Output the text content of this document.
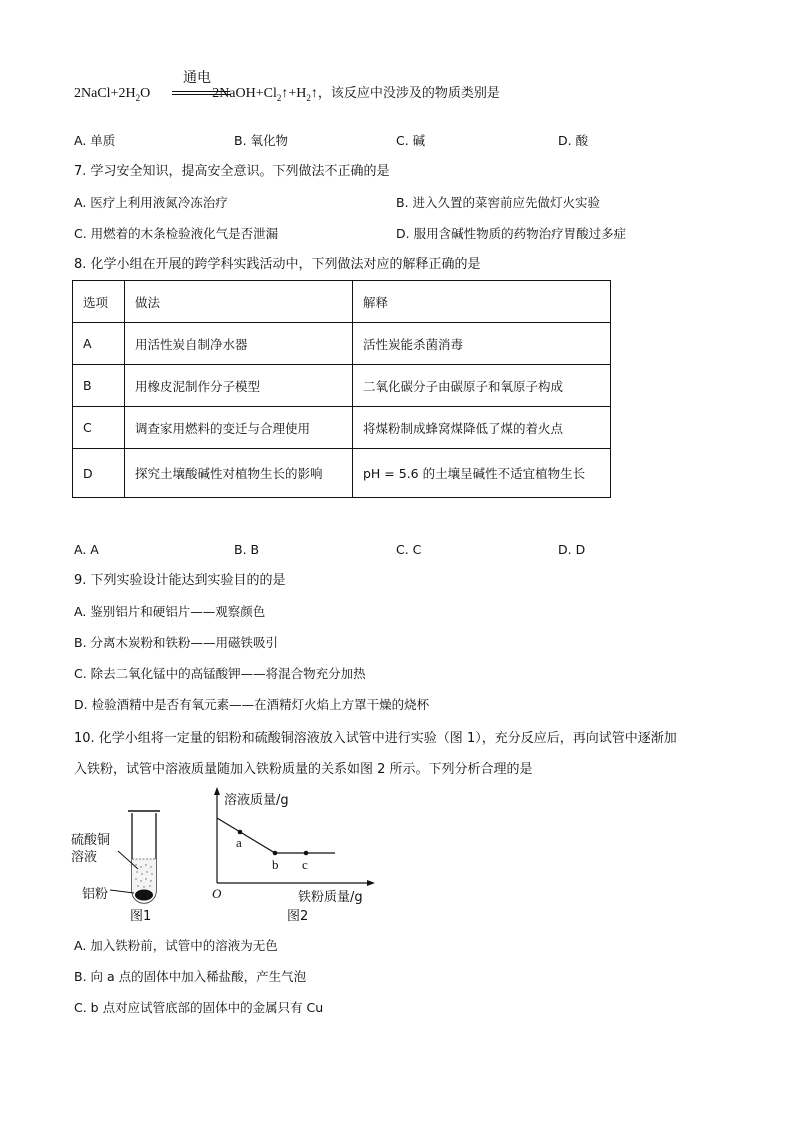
通电
$2NaCl+2H_2O$	$2NaOH+Cl_2↑+H_2↑$，该反应中没涉及的物质类别是
A. 单质	B. 氧化物	C. 碱	D. 酸
7. 学习安全知识，提高安全意识。下列做法不正确的是
A. 医疗上利用液氮冷冻治疗	B. 进入久置的菜窖前应先做灯火实验
C. 用燃着的木条检验液化气是否泄漏	D. 服用含碱性物质的药物治疗胃酸过多症
8. 化学小组在开展的跨学科实践活动中，下列做法对应的解释正确的是
选项	做法	解释
A	用活性炭自制净水器	活性炭能杀菌消毒
B	用橡皮泥制作分子模型	二氧化碳分子由碳原子和氧原子构成
C	调查家用燃料的变迁与合理使用	将煤粉制成蜂窝煤降低了煤的着火点
D	探究土壤酸碱性对植物生长的影响	pH = 5.6 的土壤呈碱性不适宜植物生长
A. A	B. B	C. C	D. D
9. 下列实验设计能达到实验目的的是
A. 鉴别铝片和硬铝片——观察颜色
B. 分离木炭粉和铁粉——用磁铁吸引
C. 除去二氧化锰中的高锰酸钾——将混合物充分加热
D. 检验酒精中是否有氧元素——在酒精灯火焰上方罩干燥的烧杯
10. 化学小组将一定量的铝粉和硫酸铜溶液放入试管中进行实验（图 1），充分反应后，再向试管中逐渐加
入铁粉，试管中溶液质量随加入铁粉质量的关系如图 2 所示。下列分析合理的是
硫酸铜
溶液
铝粉
图1
溶液质量/g
a
b c
O	铁粉质量/g
图2
A. 加入铁粉前，试管中的溶液为无色
B. 向 a 点的固体中加入稀盐酸，产生气泡
C. b 点对应试管底部的固体中的金属只有 Cu
